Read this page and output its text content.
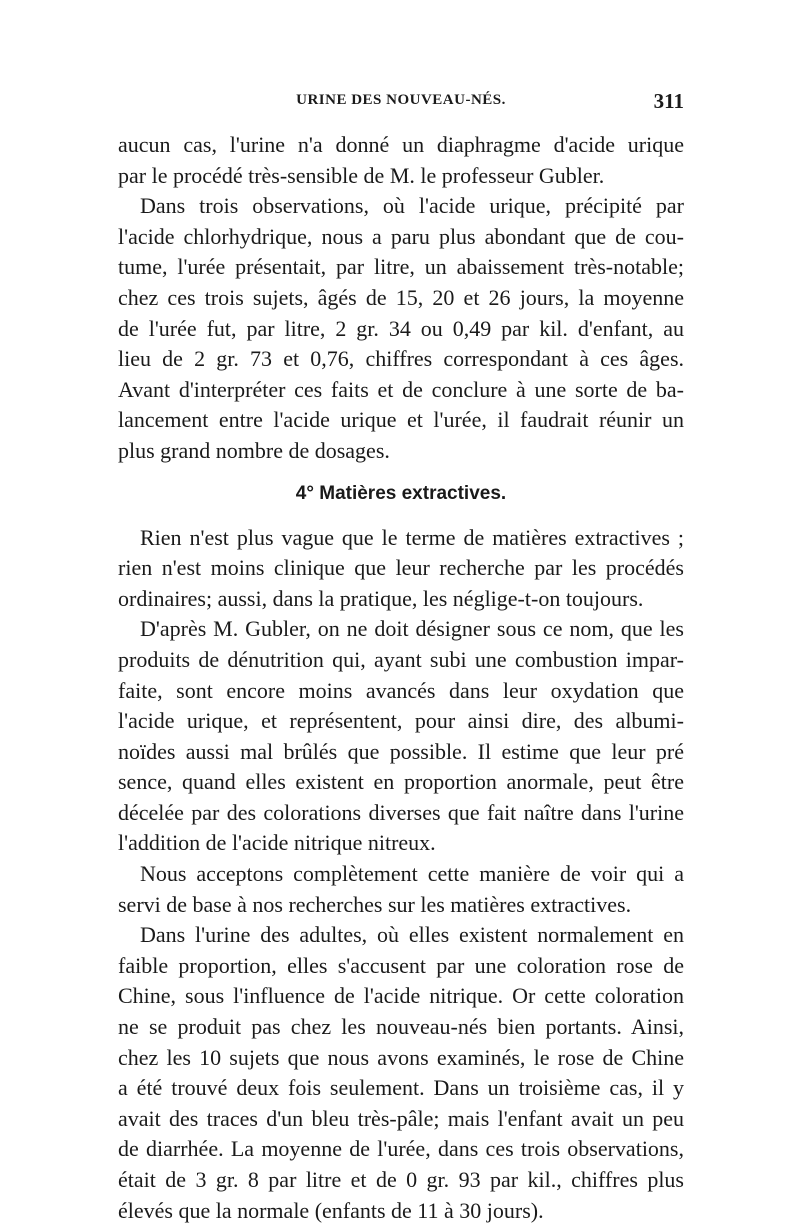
URINE DES NOUVEAU-NÉS.	311
aucun cas, l'urine n'a donné un diaphragme d'acide urique
par le procédé très-sensible de M. le professeur Gubler.
Dans trois observations, où l'acide urique, précipité par
l'acide chlorhydrique, nous a paru plus abondant que de cou-
tume, l'urée présentait, par litre, un abaissement très-notable;
chez ces trois sujets, âgés de 15, 20 et 26 jours, la moyenne
de l'urée fut, par litre, 2 gr. 34 ou 0,49 par kil. d'enfant, au
lieu de 2 gr. 73 et 0,76, chiffres correspondant à ces âges.
Avant d'interpréter ces faits et de conclure à une sorte de ba-
lancement entre l'acide urique et l'urée, il faudrait réunir un
plus grand nombre de dosages.
4° Matières extractives.
Rien n'est plus vague que le terme de matières extractives ;
rien n'est moins clinique que leur recherche par les procédés
ordinaires; aussi, dans la pratique, les néglige-t-on toujours.
D'après M. Gubler, on ne doit désigner sous ce nom, que les
produits de dénutrition qui, ayant subi une combustion impar-
faite, sont encore moins avancés dans leur oxydation que
l'acide urique, et représentent, pour ainsi dire, des albumi-
noïdes aussi mal brûlés que possible. Il estime que leur pré
sence, quand elles existent en proportion anormale, peut être
décelée par des colorations diverses que fait naître dans l'urine
l'addition de l'acide nitrique nitreux.
Nous acceptons complètement cette manière de voir qui a
servi de base à nos recherches sur les matières extractives.
Dans l'urine des adultes, où elles existent normalement en
faible proportion, elles s'accusent par une coloration rose de
Chine, sous l'influence de l'acide nitrique. Or cette coloration
ne se produit pas chez les nouveau-nés bien portants. Ainsi,
chez les 10 sujets que nous avons examinés, le rose de Chine
a été trouvé deux fois seulement. Dans un troisième cas, il y
avait des traces d'un bleu très-pâle; mais l'enfant avait un peu
de diarrhée. La moyenne de l'urée, dans ces trois observations,
était de 3 gr. 8 par litre et de 0 gr. 93 par kil., chiffres plus
élevés que la normale (enfants de 11 à 30 jours).
